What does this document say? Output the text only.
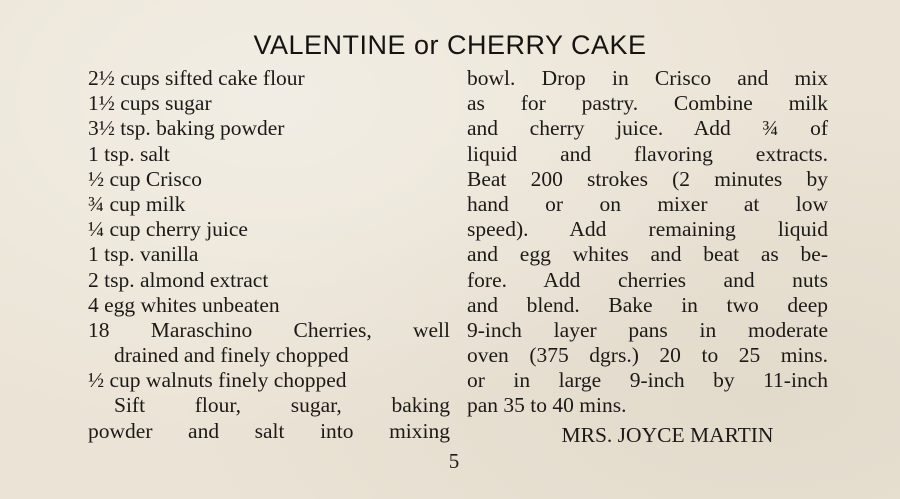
VALENTINE or CHERRY CAKE
2½ cups sifted cake flour
1½ cups sugar
3½ tsp. baking powder
1 tsp. salt
½ cup Crisco
¾ cup milk
¼ cup cherry juice
1 tsp. vanilla
2 tsp. almond extract
4 egg whites unbeaten
18 Maraschino Cherries, well
drained and finely chopped
½ cup walnuts finely chopped
Sift flour, sugar, baking
powder and salt into mixing
bowl. Drop in Crisco and mix
as for pastry. Combine milk
and cherry juice. Add ¾ of
liquid and flavoring extracts.
Beat 200 strokes (2 minutes by
hand or on mixer at low
speed). Add remaining liquid
and egg whites and beat as be-
fore. Add cherries and nuts
and blend. Bake in two deep
9-inch layer pans in moderate
oven (375 dgrs.) 20 to 25 mins.
or in large 9-inch by 11-inch
pan 35 to 40 mins.
MRS. JOYCE MARTIN
5
